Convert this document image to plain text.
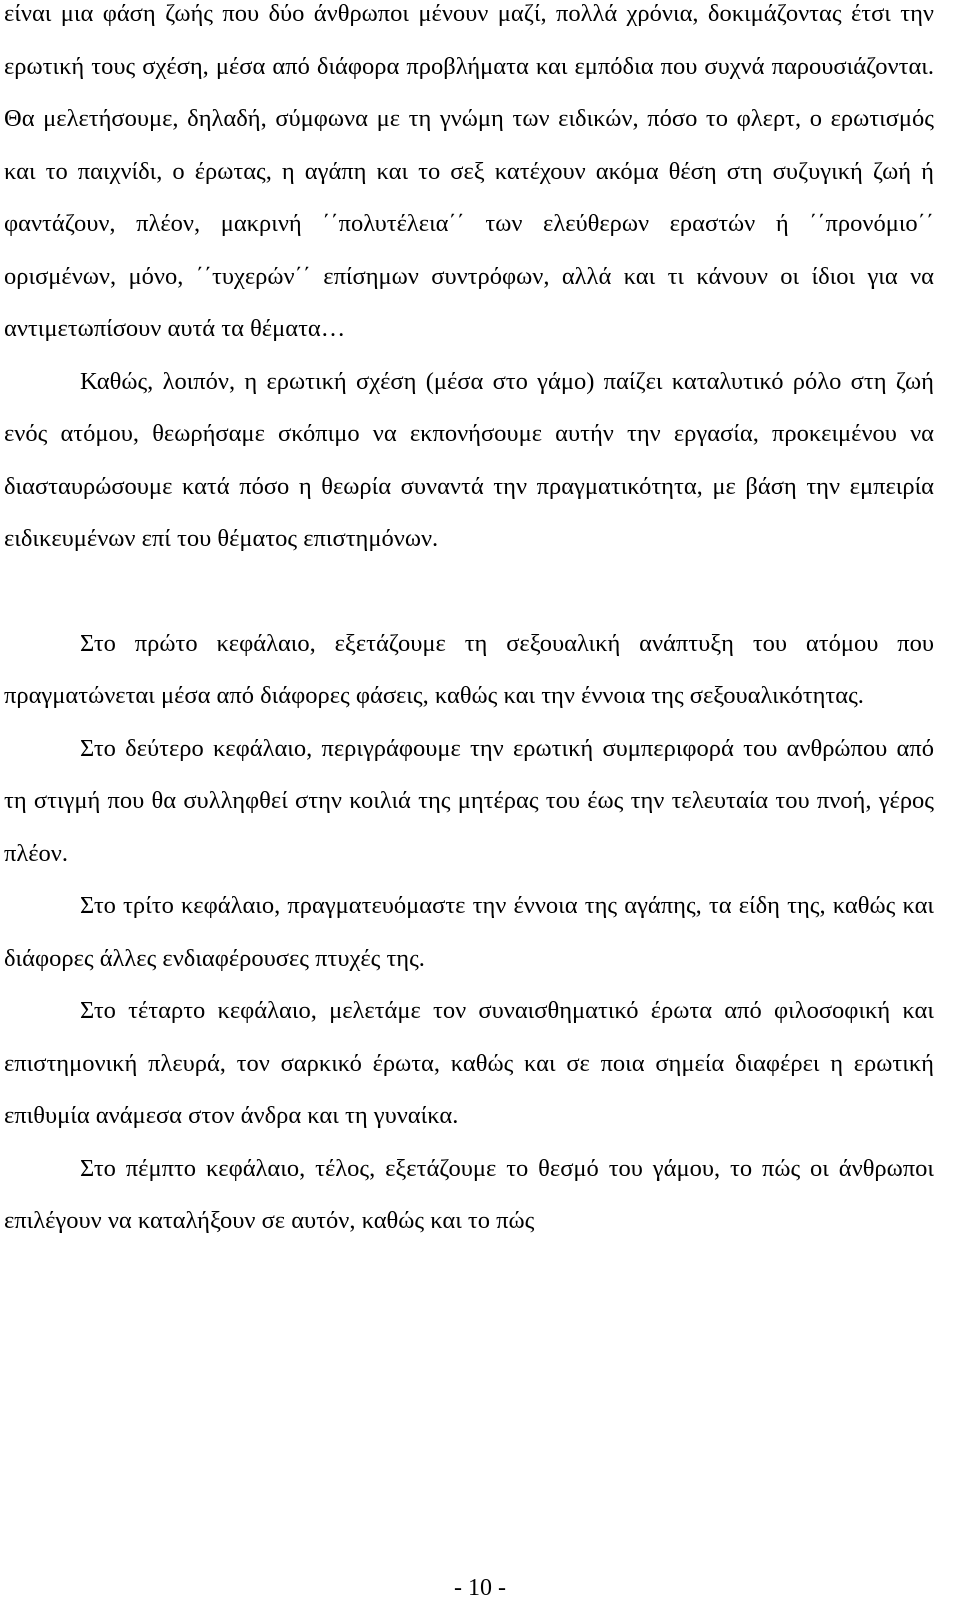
είναι μια φάση ζωής που δύο άνθρωποι μένουν μαζί, πολλά χρόνια, δοκιμάζοντας έτσι την ερωτική τους σχέση, μέσα από διάφορα προβλήματα και εμπόδια που συχνά παρουσιάζονται. Θα μελετήσουμε, δηλαδή, σύμφωνα με τη γνώμη των ειδικών, πόσο το φλερτ, ο ερωτισμός και το παιχνίδι, ο έρωτας, η αγάπη και το σεξ κατέχουν ακόμα θέση στη συζυγική ζωή ή φαντάζουν, πλέον, μακρινή ΄΄πολυτέλεια΄΄ των ελεύθερων εραστών ή ΄΄προνόμιο΄΄ ορισμένων, μόνο, ΄΄τυχερών΄΄ επίσημων συντρόφων, αλλά και τι κάνουν οι ίδιοι για να αντιμετωπίσουν αυτά τα θέματα…

Καθώς, λοιπόν, η ερωτική σχέση (μέσα στο γάμο) παίζει καταλυτικό ρόλο στη ζωή ενός ατόμου, θεωρήσαμε σκόπιμο να εκπονήσουμε αυτήν την εργασία, προκειμένου να διασταυρώσουμε κατά πόσο η θεωρία συναντά την πραγματικότητα, με βάση την εμπειρία ειδικευμένων επί του θέματος επιστημόνων.

Στο πρώτο κεφάλαιο, εξετάζουμε τη σεξουαλική ανάπτυξη του ατόμου που πραγματώνεται μέσα από διάφορες φάσεις, καθώς και την έννοια της σεξουαλικότητας.

Στο δεύτερο κεφάλαιο, περιγράφουμε την ερωτική συμπεριφορά του ανθρώπου από τη στιγμή που θα συλληφθεί στην κοιλιά της μητέρας του έως την τελευταία του πνοή, γέρος πλέον.

Στο τρίτο κεφάλαιο, πραγματευόμαστε την έννοια της αγάπης, τα είδη της, καθώς και διάφορες άλλες ενδιαφέρουσες πτυχές της.

Στο τέταρτο κεφάλαιο, μελετάμε τον συναισθηματικό έρωτα από φιλοσοφική και επιστημονική πλευρά, τον σαρκικό έρωτα, καθώς και σε ποια σημεία διαφέρει η ερωτική επιθυμία ανάμεσα στον άνδρα και τη γυναίκα.

Στο πέμπτο κεφάλαιο, τέλος, εξετάζουμε το θεσμό του γάμου, το πώς οι άνθρωποι επιλέγουν να καταλήξουν σε αυτόν, καθώς και το πώς

- 10 -
